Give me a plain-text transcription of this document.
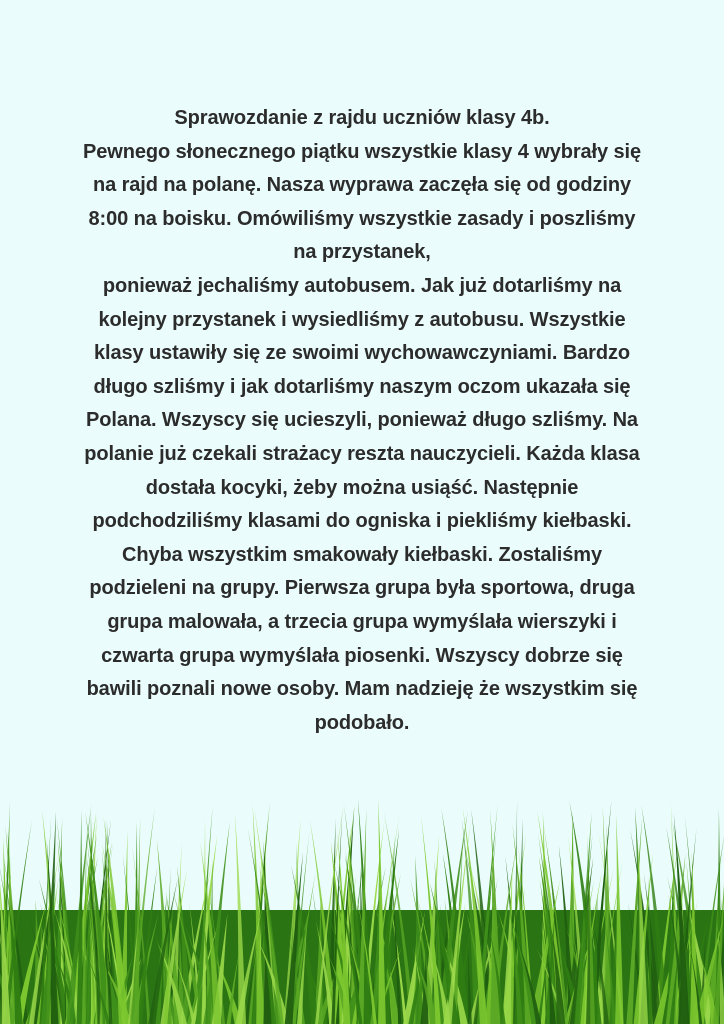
Sprawozdanie z rajdu uczniów klasy 4b.
Pewnego słonecznego piątku wszystkie klasy 4 wybrały się
na rajd na polanę. Nasza wyprawa zaczęła się od godziny
8:00 na boisku. Omówiliśmy wszystkie zasady i poszliśmy
na przystanek,
ponieważ jechaliśmy autobusem. Jak już dotarliśmy na
kolejny przystanek i wysiedliśmy z autobusu. Wszystkie
klasy ustawiły się ze swoimi wychowawczyniami. Bardzo
długo szliśmy i jak dotarliśmy naszym oczom ukazała się
Polana. Wszyscy się ucieszyli, ponieważ długo szliśmy. Na
polanie już czekali strażacy reszta nauczycieli. Każda klasa
dostała kocyki, żeby można usiąść. Następnie
podchodziliśmy klasami do ogniska i piekliśmy kiełbaski.
Chyba wszystkim smakowały kiełbaski. Zostaliśmy
podzieleni na grupy. Pierwsza grupa była sportowa, druga
grupa malowała, a trzecia grupa wymyślała wierszyki i
czwarta grupa wymyślała piosenki. Wszyscy dobrze się
bawili poznali nowe osoby. Mam nadzieję że wszystkim się
podobało.
